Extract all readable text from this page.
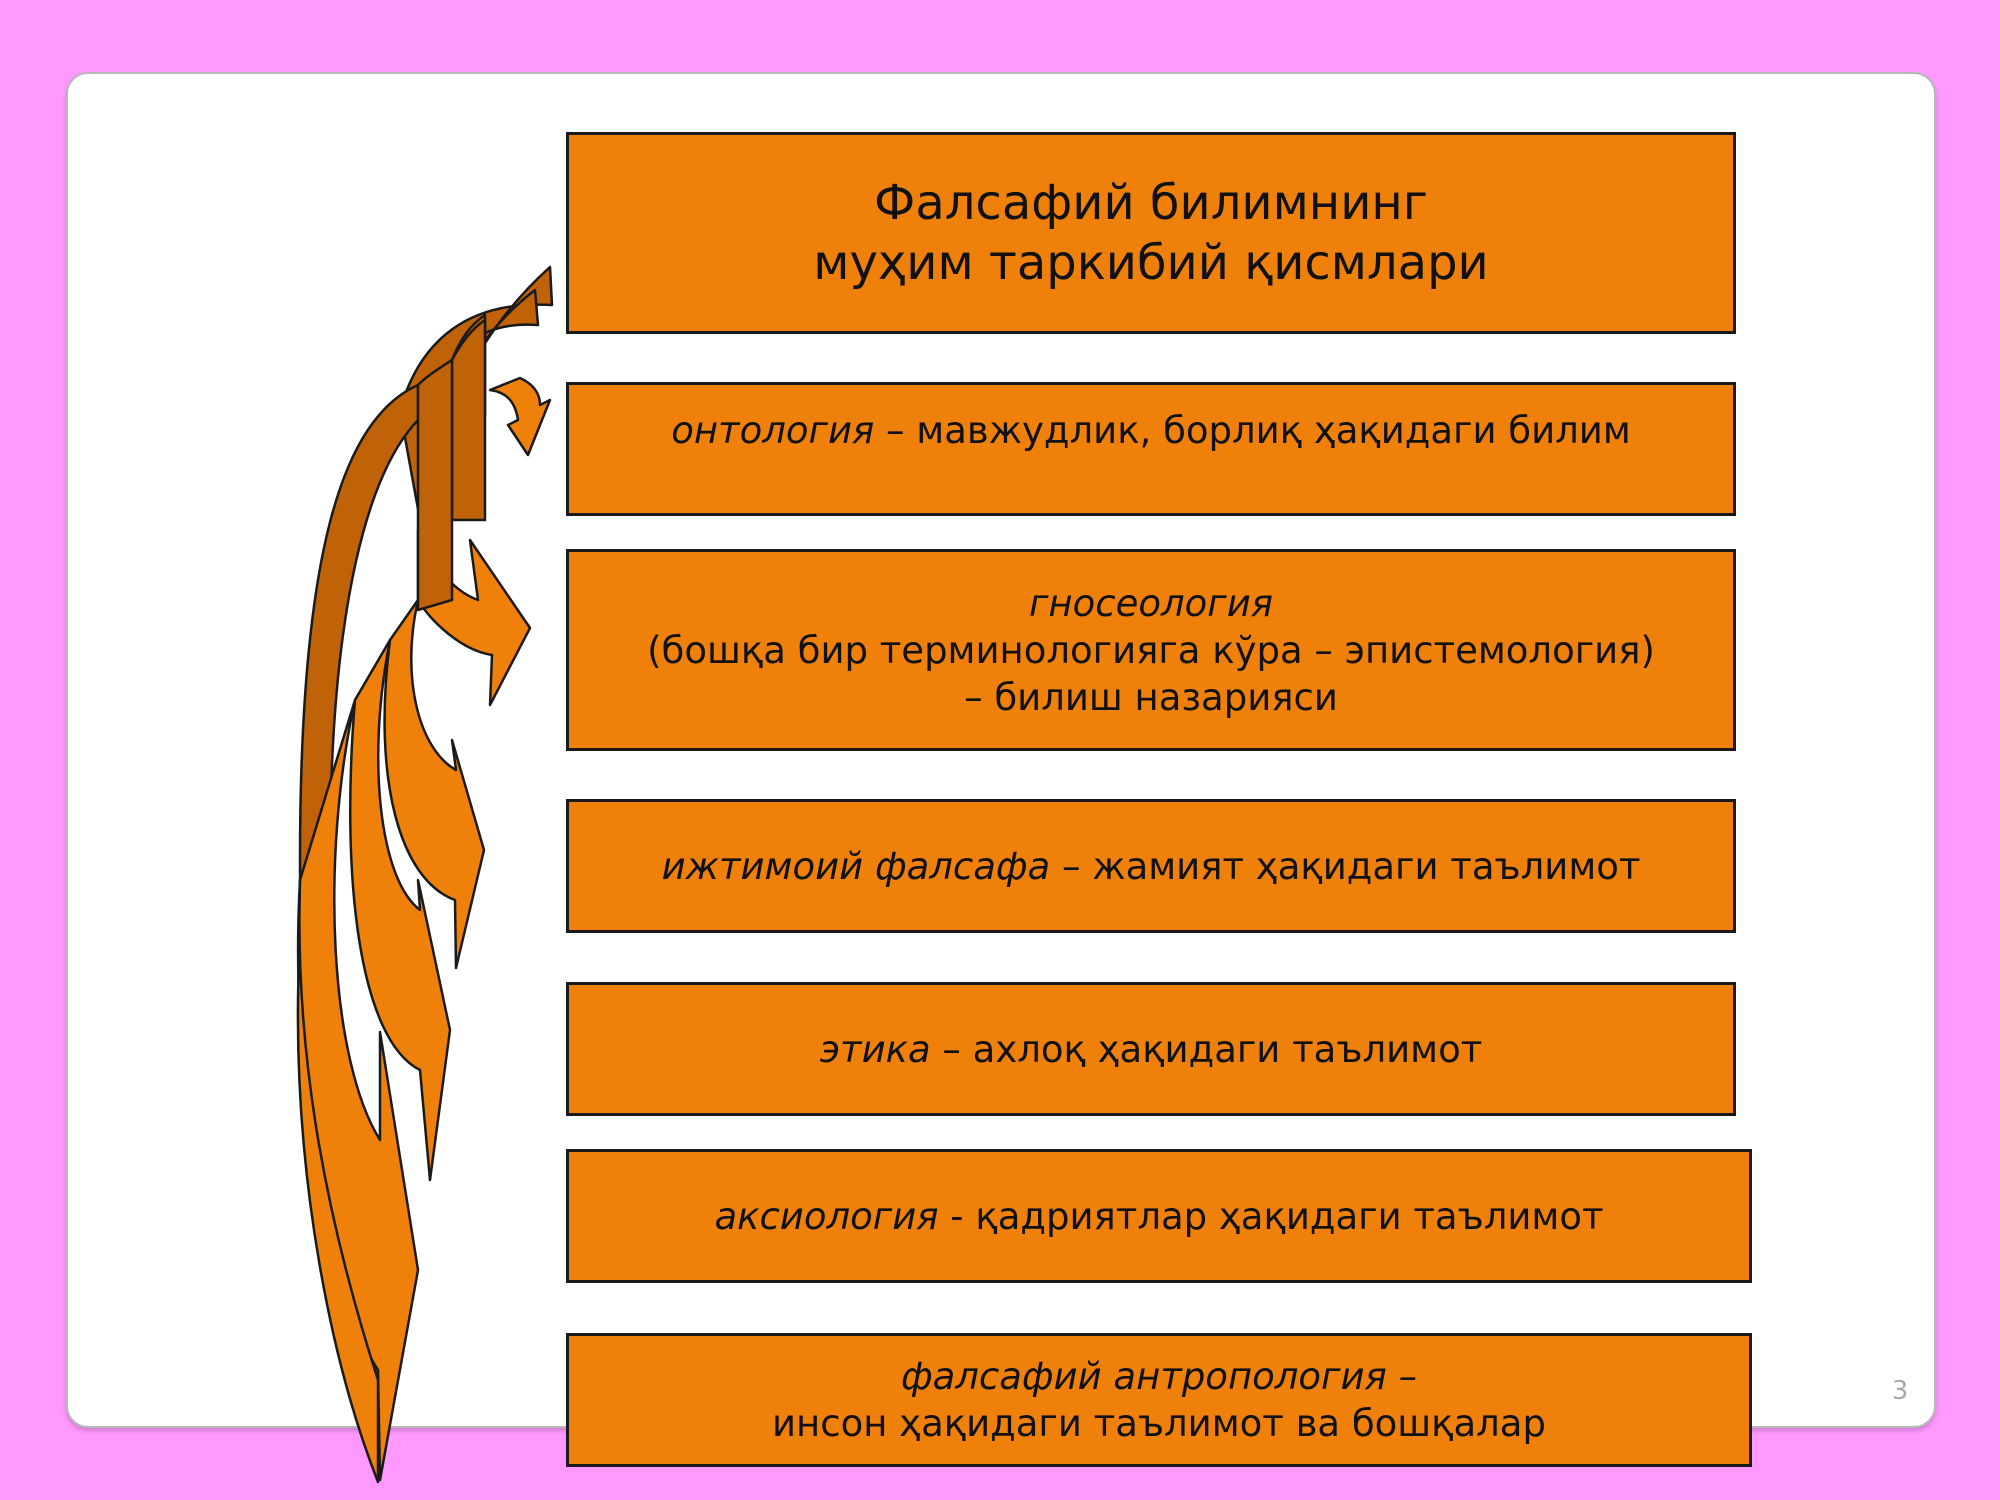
Фалсафий билимнинг
муҳим таркибий қисмлари
онтология – мавжудлик, борлиқ ҳақидаги билим
гносеология
(бошқа бир терминологияга кўра – эпистемология)
– билиш назарияси
ижтимоий фалсафа – жамият ҳақидаги таълимот
этика – ахлоқ ҳақидаги таълимот
аксиология - қадриятлар ҳақидаги таълимот
фалсафий антропология –
инсон ҳақидаги таълимот ва бошқалар
3
